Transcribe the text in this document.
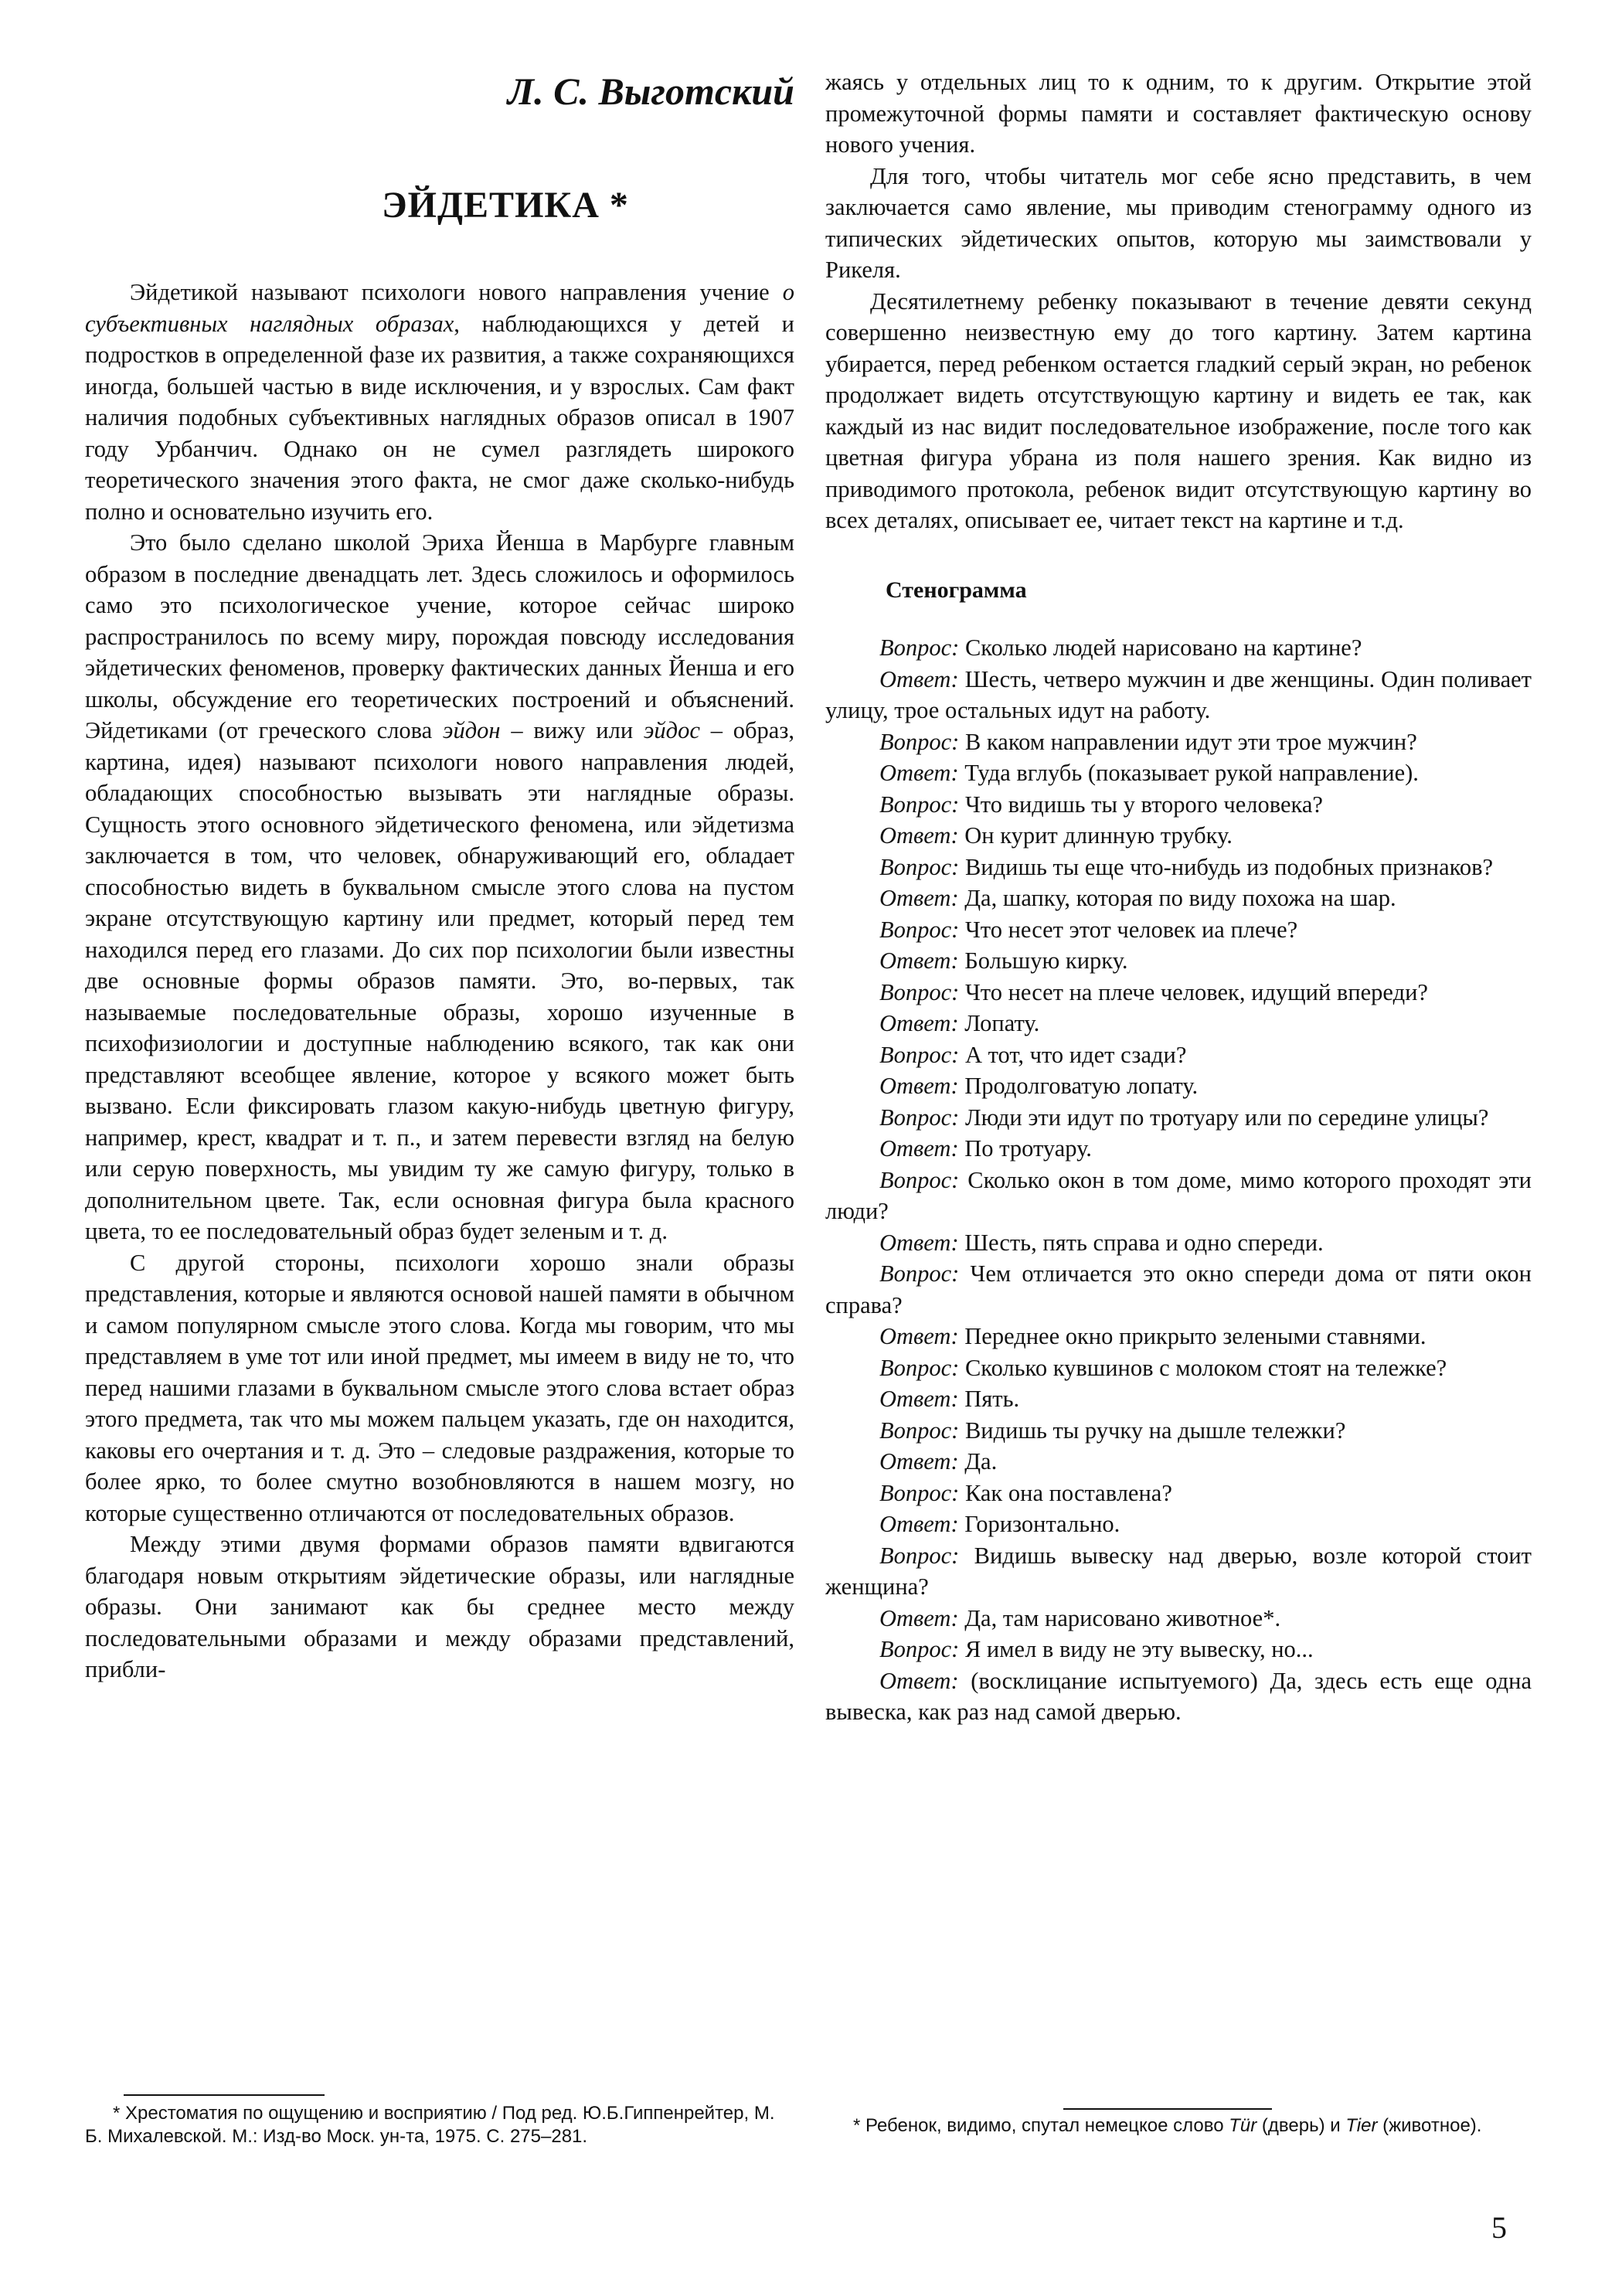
Л. С. Выготский
ЭЙДЕТИКА *

Эйдетикой называют психологи нового направления учение о субъективных наглядных образах, наблюдающихся у детей и подростков в определенной фазе их развития, а также сохраняющихся иногда, большей частью в виде исключения, и у взрослых. Сам факт наличия подобных субъективных наглядных образов описал в 1907 году Урбанчич. Однако он не сумел разглядеть широкого теоретического значения этого факта, не смог даже сколько-нибудь полно и основательно изучить его.

Это было сделано школой Эриха Йенша в Марбурге главным образом в последние двенадцать лет. Здесь сложилось и оформилось само это психологическое учение, которое сейчас широко распространилось по всему миру, порождая повсюду исследования эйдетических феноменов, проверку фактических данных Йенша и его школы, обсуждение его теоретических построений и объяснений. Эйдетиками (от греческого слова эйдон – вижу или эйдос – образ, картина, идея) называют психологи нового направления людей, обладающих способностью вызывать эти наглядные образы. Сущность этого основного эйдетического феномена, или эйдетизма заключается в том, что человек, обнаруживающий его, обладает способностью видеть в буквальном смысле этого слова на пустом экране отсутствующую картину или предмет, который перед тем находился перед его глазами. До сих пор психологии были известны две основные формы образов памяти. Это, во-первых, так называемые последовательные образы, хорошо изученные в психофизиологии и доступные наблюдению всякого, так как они представляют всеобщее явление, которое у всякого может быть вызвано. Если фиксировать глазом какую-нибудь цветную фигуру, например, крест, квадрат и т. п., и затем перевести взгляд на белую или серую поверхность, мы увидим ту же самую фигуру, только в дополнительном цвете. Так, если основная фигура была красного цвета, то ее последовательный образ будет зеленым и т. д.

С другой стороны, психологи хорошо знали образы представления, которые и являются основой нашей памяти в обычном и самом популярном смысле этого слова. Когда мы говорим, что мы представляем в уме тот или иной предмет, мы имеем в виду не то, что перед нашими глазами в буквальном смысле этого слова встает образ этого предмета, так что мы можем пальцем указать, где он находится, каковы его очертания и т. д. Это – следовые раздражения, которые то более ярко, то более смутно возобновляются в нашем мозгу, но которые существенно отличаются от последовательных образов.

Между этими двумя формами образов памяти вдвигаются благодаря новым открытиям эйдетические образы, или наглядные образы. Они занимают как бы среднее место между последовательными образами и между образами представлений, прибли-

* Хрестоматия по ощущению и восприятию / Под ред. Ю.Б.Гиппенрейтер, М. Б. Михалевской. М.: Изд-во Моск. ун-та, 1975. С. 275–281.

жаясь у отдельных лиц то к одним, то к другим. Открытие этой промежуточной формы памяти и составляет фактическую основу нового учения.

Для того, чтобы читатель мог себе ясно представить, в чем заключается само явление, мы приводим стенограмму одного из типических эйдетических опытов, которую мы заимствовали у Рикеля.

Десятилетнему ребенку показывают в течение девяти секунд совершенно неизвестную ему до того картину. Затем картина убирается, перед ребенком остается гладкий серый экран, но ребенок продолжает видеть отсутствующую картину и видеть ее так, как каждый из нас видит последовательное изображение, после того как цветная фигура убрана из поля нашего зрения. Как видно из приводимого протокола, ребенок видит отсутствующую картину во всех деталях, описывает ее, читает текст на картине и т.д.

Стенограмма

Вопрос: Сколько людей нарисовано на картине?

Ответ: Шесть, четверо мужчин и две женщины. Один поливает улицу, трое остальных идут на работу.

Вопрос: В каком направлении идут эти трое мужчин?

Ответ: Туда вглубь (показывает рукой направление).

Вопрос: Что видишь ты у второго человека?

Ответ: Он курит длинную трубку.

Вопрос: Видишь ты еще что-нибудь из подобных признаков?

Ответ: Да, шапку, которая по виду похожа на шар.

Вопрос: Что несет этот человек иа плече?

Ответ: Большую кирку.

Вопрос: Что несет на плече человек, идущий впереди?

Ответ: Лопату.

Вопрос: А тот, что идет сзади?

Ответ: Продолговатую лопату.

Вопрос: Люди эти идут по тротуару или по середине улицы?

Ответ: По тротуару.

Вопрос: Сколько окон в том доме, мимо которого проходят эти люди?

Ответ: Шесть, пять справа и одно спереди.

Вопрос: Чем отличается это окно спереди дома от пяти окон справа?

Ответ: Переднее окно прикрыто зелеными ставнями.

Вопрос: Сколько кувшинов с молоком стоят на тележке?

Ответ: Пять.

Вопрос: Видишь ты ручку на дышле тележки?

Ответ: Да.

Вопрос: Как она поставлена?

Ответ: Горизонтально.

Вопрос: Видишь вывеску над дверью, возле которой стоит женщина?

Ответ: Да, там нарисовано животное*.

Вопрос: Я имел в виду не эту вывеску, но...

Ответ: (восклицание испытуемого) Да, здесь есть еще одна вывеска, как раз над самой дверью.

* Ребенок, видимо, спутал немецкое слово Tür (дверь) и Tier (животное).

5
